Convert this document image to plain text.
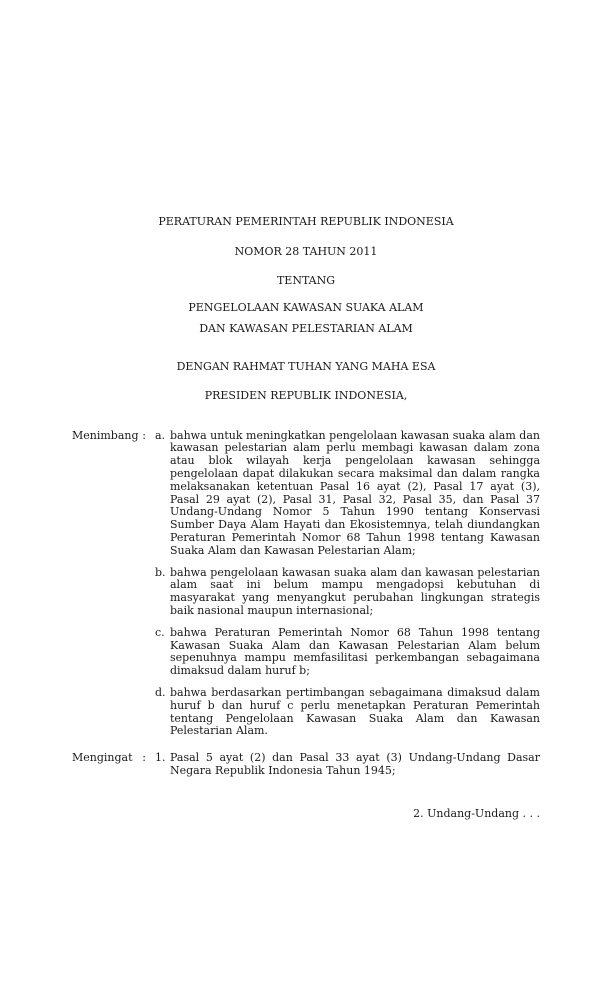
PERATURAN PEMERINTAH REPUBLIK INDONESIA

NOMOR 28 TAHUN 2011

TENTANG

PENGELOLAAN KAWASAN SUAKA ALAM

DAN KAWASAN PELESTARIAN ALAM

DENGAN RAHMAT TUHAN YANG MAHA ESA

PRESIDEN REPUBLIK INDONESIA,

Menimbang : a. bahwa untuk meningkatkan pengelolaan kawasan suaka alam dan kawasan pelestarian alam perlu membagi kawasan dalam zona atau blok wilayah kerja pengelolaan kawasan sehingga pengelolaan dapat dilakukan secara maksimal dan dalam rangka melaksanakan ketentuan Pasal 16 ayat (2), Pasal 17 ayat (3), Pasal 29 ayat (2), Pasal 31, Pasal 32, Pasal 35, dan Pasal 37 Undang-Undang Nomor 5 Tahun 1990 tentang Konservasi Sumber Daya Alam Hayati dan Ekosistemnya, telah diundangkan Peraturan Pemerintah Nomor 68 Tahun 1998 tentang Kawasan Suaka Alam dan Kawasan Pelestarian Alam;
b. bahwa pengelolaan kawasan suaka alam dan kawasan pelestarian alam saat ini belum mampu mengadopsi kebutuhan di masyarakat yang menyangkut perubahan lingkungan strategis baik nasional maupun internasional;
c. bahwa Peraturan Pemerintah Nomor 68 Tahun 1998 tentang Kawasan Suaka Alam dan Kawasan Pelestarian Alam belum sepenuhnya mampu memfasilitasi perkembangan sebagaimana dimaksud dalam huruf b;
d. bahwa berdasarkan pertimbangan sebagaimana dimaksud dalam huruf b dan huruf c perlu menetapkan Peraturan Pemerintah tentang Pengelolaan Kawasan Suaka Alam dan Kawasan Pelestarian Alam.
Mengingat : 1. Pasal 5 ayat (2) dan Pasal 33 ayat (3) Undang-Undang Dasar Negara Republik Indonesia Tahun 1945;
2. Undang-Undang . . .
